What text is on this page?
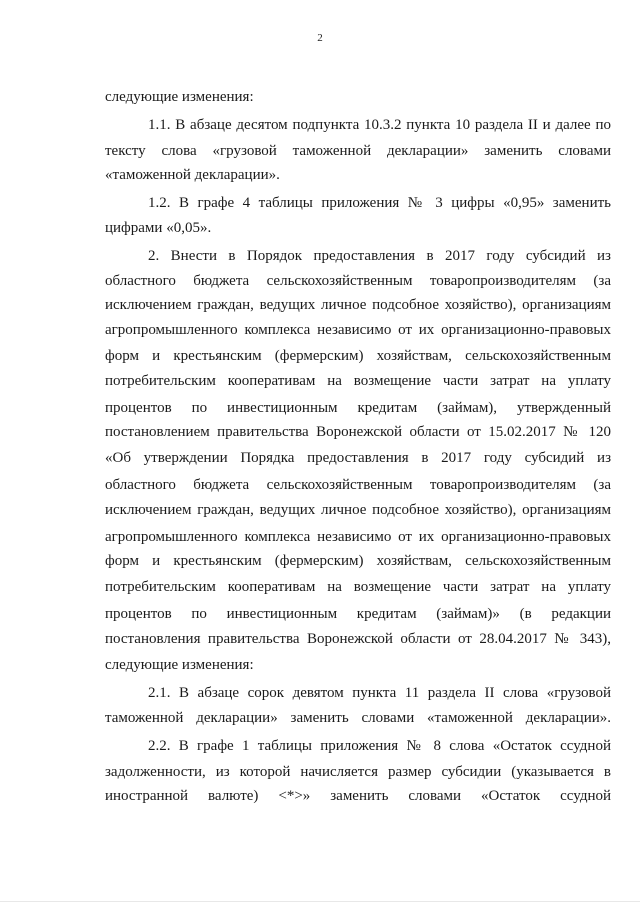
2
следующие изменения:
1.1. В абзаце десятом подпункта 10.3.2 пункта 10 раздела II и далее по
тексту слова «грузовой таможенной декларации» заменить словами
«таможенной декларации».
1.2. В графе 4 таблицы приложения № 3 цифры «0,95» заменить
цифрами «0,05».
2. Внести в Порядок предоставления в 2017 году субсидий из
областного бюджета сельскохозяйственным товаропроизводителям (за
исключением граждан, ведущих личное подсобное хозяйство), организациям
агропромышленного комплекса независимо от их организационно-правовых
форм и крестьянским (фермерским) хозяйствам, сельскохозяйственным
потребительским кооперативам на возмещение части затрат на уплату
процентов по инвестиционным кредитам (займам), утвержденный
постановлением правительства Воронежской области от 15.02.2017 № 120
«Об утверждении Порядка предоставления в 2017 году субсидий из
областного бюджета сельскохозяйственным товаропроизводителям (за
исключением граждан, ведущих личное подсобное хозяйство), организациям
агропромышленного комплекса независимо от их организационно-правовых
форм и крестьянским (фермерским) хозяйствам, сельскохозяйственным
потребительским кооперативам на возмещение части затрат на уплату
процентов по инвестиционным кредитам (займам)» (в редакции
постановления правительства Воронежской области от 28.04.2017 № 343),
следующие изменения:
2.1. В абзаце сорок девятом пункта 11 раздела II слова «грузовой
таможенной декларации» заменить словами «таможенной декларации».
2.2. В графе 1 таблицы приложения № 8 слова «Остаток ссудной
задолженности, из которой начисляется размер субсидии (указывается в
иностранной валюте) <*>» заменить словами «Остаток ссудной
